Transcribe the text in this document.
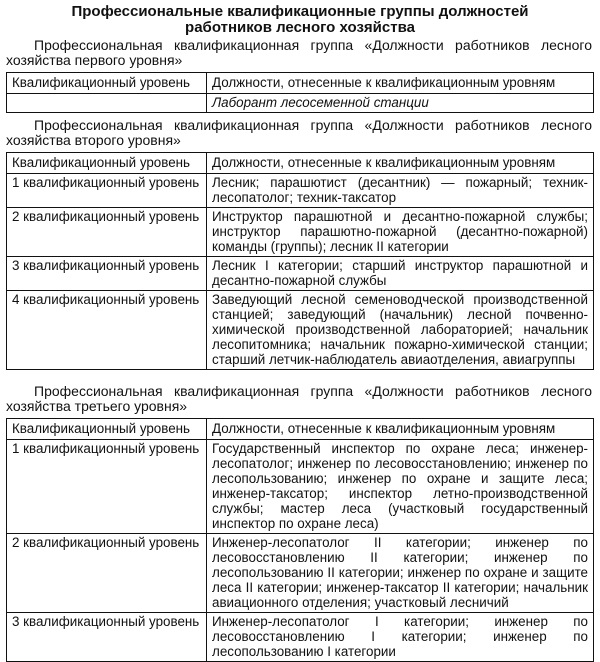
Профессиональные квалификационные группы должностей
работников лесного хозяйства
Профессиональная квалификационная группа «Должности работников лесного хозяйства первого уровня»
Квалификационный уровень	Должности, отнесенные к квалификационным уровням
	Лаборант лесосеменной станции
Профессиональная квалификационная группа «Должности работников лесного хозяйства второго уровня»
Квалификационный уровень	Должности, отнесенные к квалификационным уровням
1 квалификационный уровень	Лесник; парашютист (десантник) — пожарный; техник-лесопатолог; техник-таксатор
2 квалификационный уровень	Инструктор парашютной и десантно-пожарной службы; инструктор парашютно-пожарной (десантно-пожарной) команды (группы); лесник II категории
3 квалификационный уровень	Лесник I категории; старший инструктор парашютной и десантно-пожарной службы
4 квалификационный уровень	Заведующий лесной семеноводческой производственной станцией; заведующий (начальник) лесной почвенно-химической производственной лабораторией; начальник лесопитомника; начальник пожарно-химической станции; старший летчик-наблюдатель авиаотделения, авиагруппы
Профессиональная квалификационная группа «Должности работников лесного хозяйства третьего уровня»
Квалификационный уровень	Должности, отнесенные к квалификационным уровням
1 квалификационный уровень	Государственный инспектор по охране леса; инженер-лесопатолог; инженер по лесовосстановлению; инженер по лесопользованию; инженер по охране и защите леса; инженер-таксатор; инспектор летно-производственной службы; мастер леса (участковый государственный инспектор по охране леса)
2 квалификационный уровень	Инженер-лесопатолог II категории; инженер по лесовосстановлению II категории; инженер по лесопользованию II категории; инженер по охране и защите леса II категории; инженер-таксатор II категории; начальник авиационного отделения; участковый лесничий
3 квалификационный уровень	Инженер-лесопатолог I категории; инженер по лесовосстановлению I категории; инженер по лесопользованию I категории
